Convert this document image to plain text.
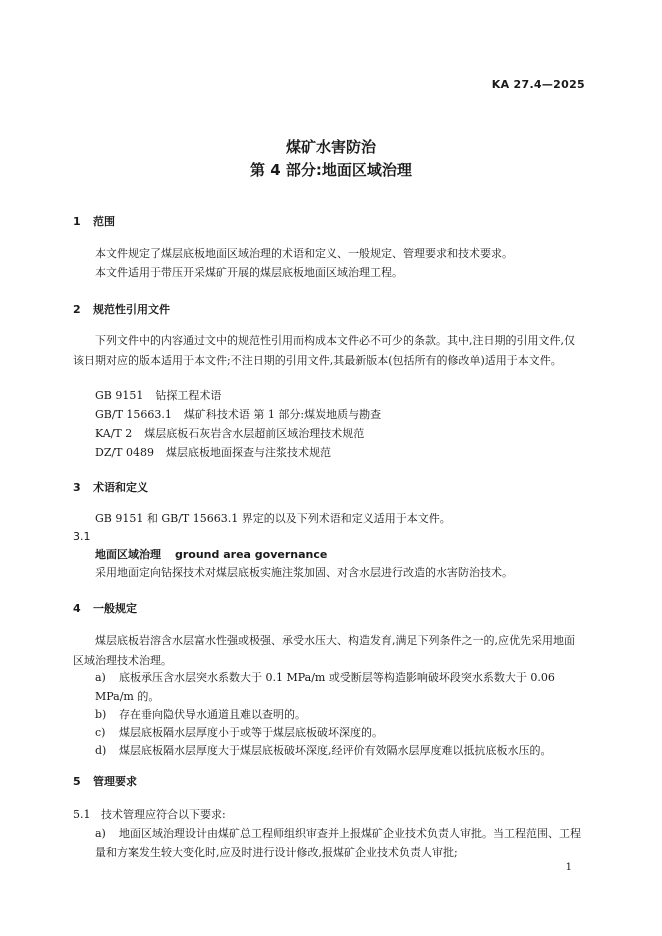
KA 27.4—2025
煤矿水害防治
第 4 部分:地面区域治理
1 范围
本文件规定了煤层底板地面区域治理的术语和定义、一般规定、管理要求和技术要求。
本文件适用于带压开采煤矿开展的煤层底板地面区域治理工程。
2 规范性引用文件
下列文件中的内容通过文中的规范性引用而构成本文件必不可少的条款。其中,注日期的引用文件,仅该日期对应的版本适用于本文件;不注日期的引用文件,其最新版本(包括所有的修改单)适用于本文件。
GB 9151 钻探工程术语
GB/T 15663.1 煤矿科技术语 第 1 部分:煤炭地质与勘查
KA/T 2 煤层底板石灰岩含水层超前区域治理技术规范
DZ/T 0489 煤层底板地面探查与注浆技术规范
3 术语和定义
GB 9151 和 GB/T 15663.1 界定的以及下列术语和定义适用于本文件。
3.1
地面区域治理 ground area governance
采用地面定向钻探技术对煤层底板实施注浆加固、对含水层进行改造的水害防治技术。
4 一般规定
煤层底板岩溶含水层富水性强或极强、承受水压大、构造发育,满足下列条件之一的,应优先采用地面区域治理技术治理。
a) 底板承压含水层突水系数大于 0.1 MPa/m 或受断层等构造影响破坏段突水系数大于 0.06 MPa/m 的。
b) 存在垂向隐伏导水通道且难以查明的。
c) 煤层底板隔水层厚度小于或等于煤层底板破坏深度的。
d) 煤层底板隔水层厚度大于煤层底板破坏深度,经评价有效隔水层厚度难以抵抗底板水压的。
5 管理要求
5.1 技术管理应符合以下要求:
a) 地面区域治理设计由煤矿总工程师组织审查并上报煤矿企业技术负责人审批。当工程范围、工程量和方案发生较大变化时,应及时进行设计修改,报煤矿企业技术负责人审批;
1
